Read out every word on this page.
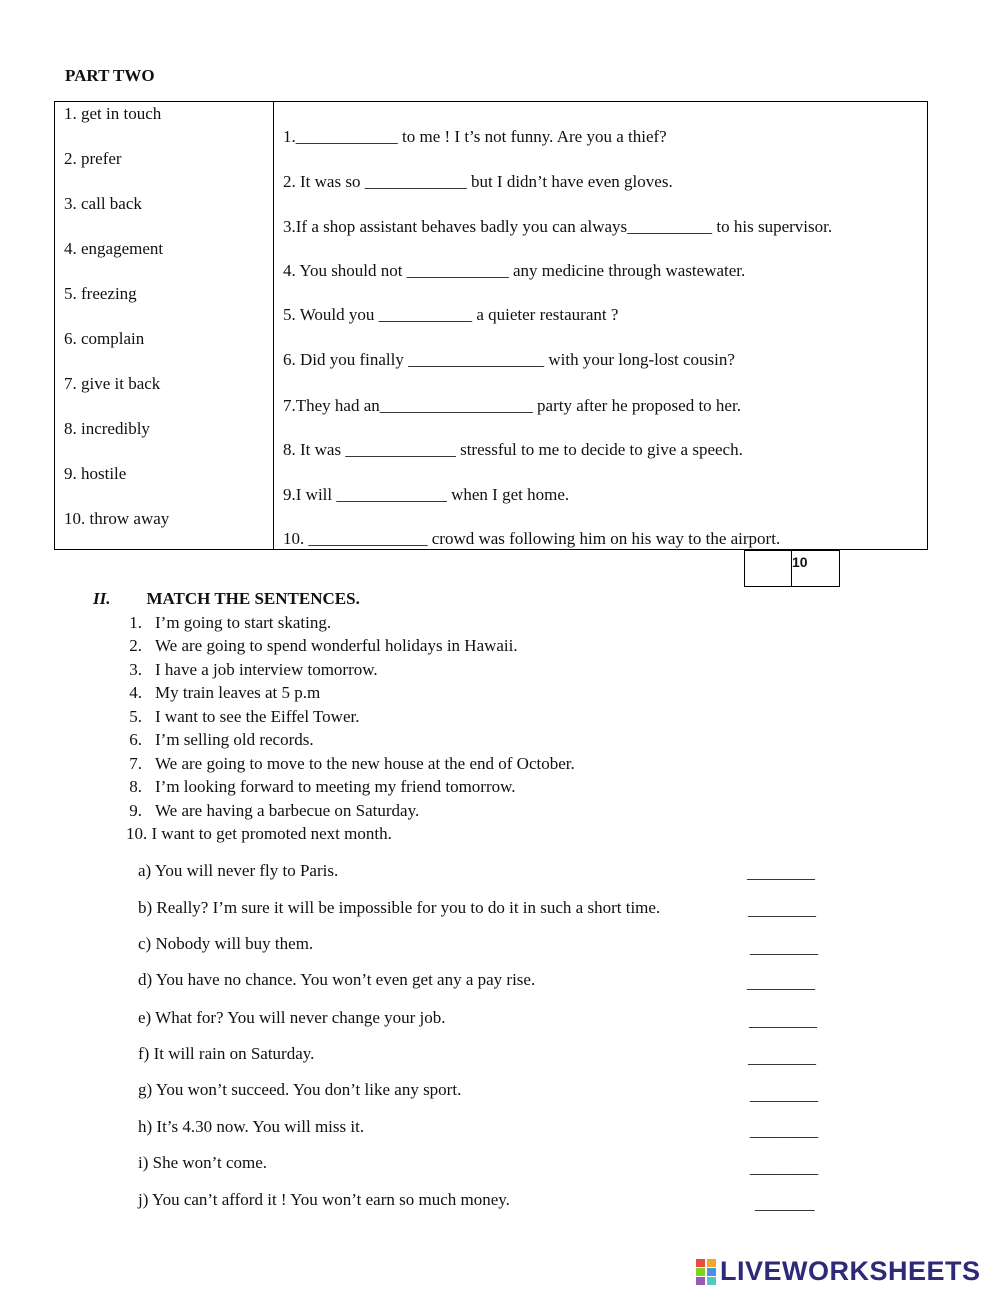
PART TWO
1. get in touch
2. prefer
3. call back
4. engagement
5. freezing
6. complain
7. give it back
8. incredibly
9. hostile
10. throw away
1.____________ to me ! I t’s not funny. Are you a thief?
2. It was so ____________ but I didn’t have even gloves.
3.If a shop assistant behaves badly you can always__________ to his supervisor.
4. You should not ____________ any medicine through wastewater.
5. Would you ___________ a quieter restaurant ?
6. Did you finally ________________ with your long-lost cousin?
7.They had an__________________ party after he proposed to her.
8. It was _____________ stressful to me to decide to give a speech.
9.I will _____________ when I get home.
10. ______________ crowd was following him on his way to the airport.
10
II. MATCH THE SENTENCES.
1. I’m going to start skating.
2. We are going to spend wonderful holidays in Hawaii.
3. I have a job interview tomorrow.
4. My train leaves at 5 p.m
5. I want to see the Eiffel Tower.
6. I’m selling old records.
7. We are going to move to the new house at the end of October.
8. I’m looking forward to meeting my friend tomorrow.
9. We are having a barbecue on Saturday.
10. I want to get promoted next month.
a) You will never fly to Paris.	________
b) Really? I’m sure it will be impossible for you to do it in such a short time.	________
c) Nobody will buy them.	________
d) You have no chance. You won’t even get any a pay rise.	________
e) What for? You will never change your job.	________
f) It will rain on Saturday.	________
g) You won’t succeed. You don’t like any sport.	________
h) It’s 4.30 now. You will miss it.	________
i) She won’t come.	________
j) You can’t afford it ! You won’t earn so much money.	_______
LIVEWORKSHEETS
